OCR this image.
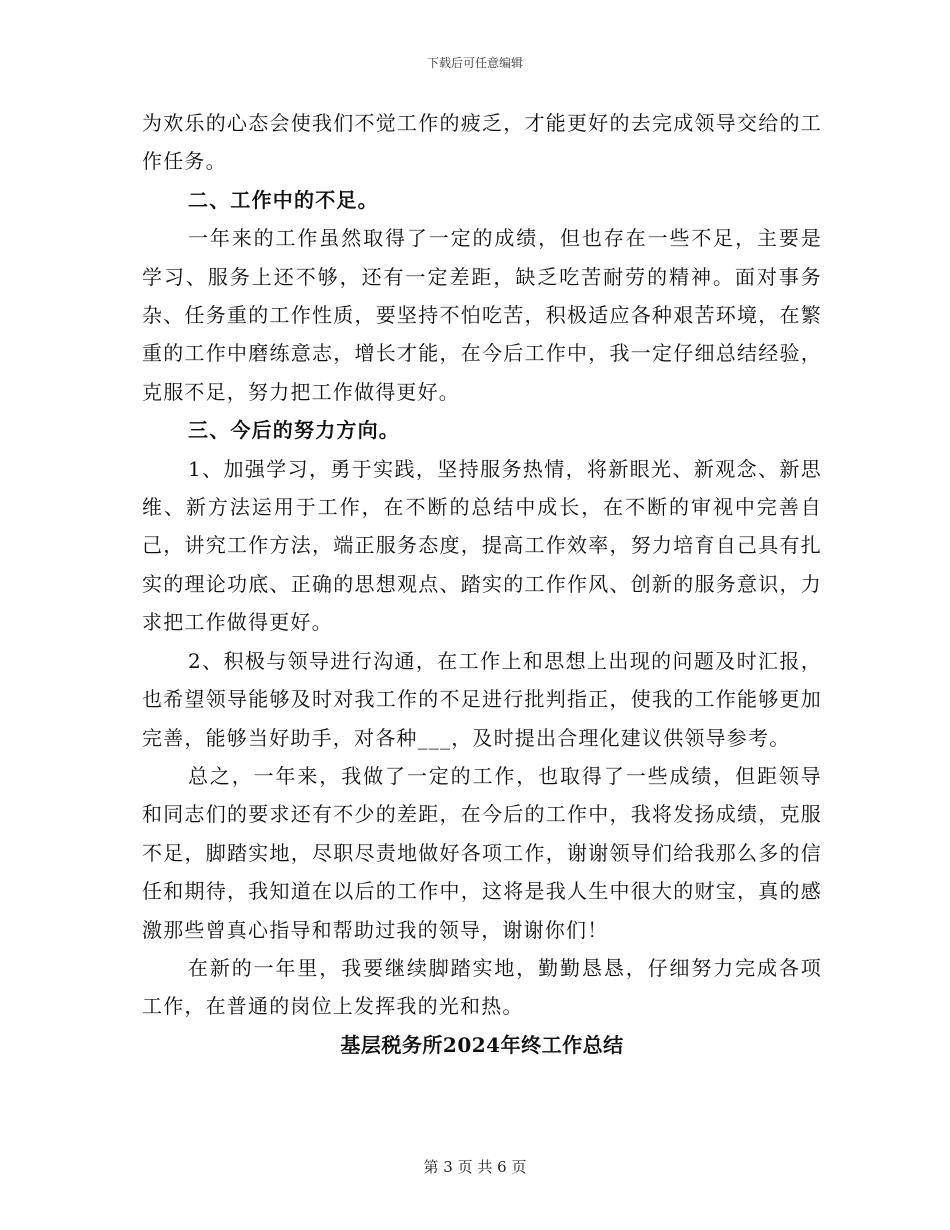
下载后可任意编辑

为欢乐的心态会使我们不觉工作的疲乏，才能更好的去完成领导交给的工作任务。

二、工作中的不足。

一年来的工作虽然取得了一定的成绩，但也存在一些不足，主要是学习、服务上还不够，还有一定差距，缺乏吃苦耐劳的精神。面对事务杂、任务重的工作性质，要坚持不怕吃苦，积极适应各种艰苦环境，在繁重的工作中磨练意志，增长才能，在今后工作中，我一定仔细总结经验，克服不足，努力把工作做得更好。

三、今后的努力方向。

1、加强学习，勇于实践，坚持服务热情，将新眼光、新观念、新思维、新方法运用于工作，在不断的总结中成长，在不断的审视中完善自己，讲究工作方法，端正服务态度，提高工作效率，努力培育自己具有扎实的理论功底、正确的思想观点、踏实的工作作风、创新的服务意识，力求把工作做得更好。

2、积极与领导进行沟通，在工作上和思想上出现的问题及时汇报，也希望领导能够及时对我工作的不足进行批判指正，使我的工作能够更加完善，能够当好助手，对各种___，及时提出合理化建议供领导参考。

总之，一年来，我做了一定的工作，也取得了一些成绩，但距领导和同志们的要求还有不少的差距，在今后的工作中，我将发扬成绩，克服不足，脚踏实地，尽职尽责地做好各项工作，谢谢领导们给我那么多的信任和期待，我知道在以后的工作中，这将是我人生中很大的财宝，真的感激那些曾真心指导和帮助过我的领导，谢谢你们！

在新的一年里，我要继续脚踏实地，勤勤恳恳，仔细努力完成各项工作，在普通的岗位上发挥我的光和热。

基层税务所2024年终工作总结

第 3 页 共 6 页
